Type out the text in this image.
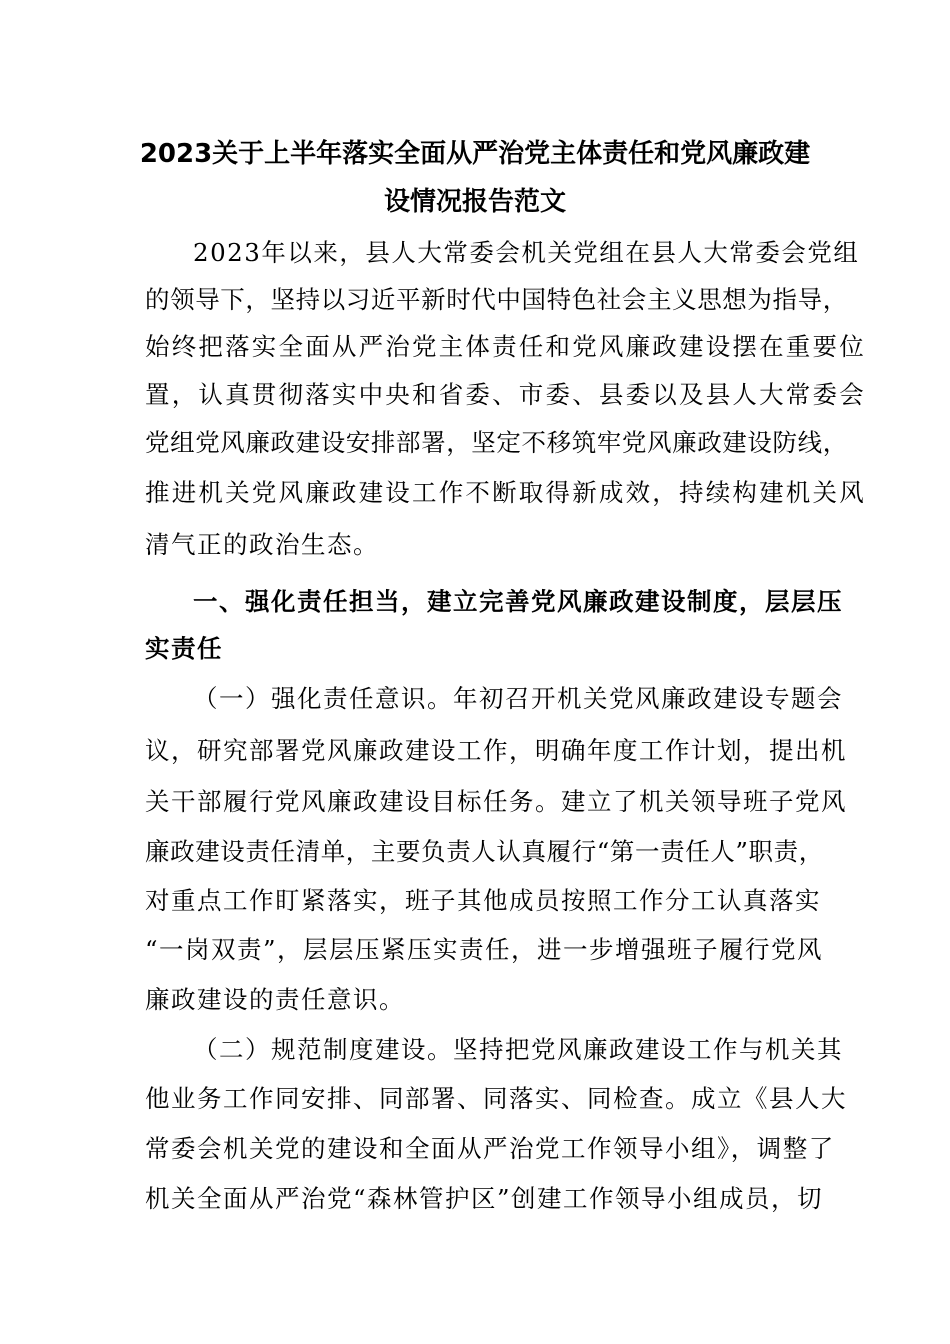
2023关于上半年落实全面从严治党主体责任和党风廉政建
设情况报告范文
2023年以来，县人大常委会机关党组在县人大常委会党组
的领导下，坚持以习近平新时代中国特色社会主义思想为指导，
始终把落实全面从严治党主体责任和党风廉政建设摆在重要位
置，认真贯彻落实中央和省委、市委、县委以及县人大常委会
党组党风廉政建设安排部署，坚定不移筑牢党风廉政建设防线，
推进机关党风廉政建设工作不断取得新成效，持续构建机关风
清气正的政治生态。
一、强化责任担当，建立完善党风廉政建设制度，层层压
实责任
（一）强化责任意识。年初召开机关党风廉政建设专题会
议，研究部署党风廉政建设工作，明确年度工作计划，提出机
关干部履行党风廉政建设目标任务。建立了机关领导班子党风
廉政建设责任清单，主要负责人认真履行“第一责任人”职责，
对重点工作盯紧落实，班子其他成员按照工作分工认真落实
“一岗双责”，层层压紧压实责任，进一步增强班子履行党风
廉政建设的责任意识。
（二）规范制度建设。坚持把党风廉政建设工作与机关其
他业务工作同安排、同部署、同落实、同检查。成立《县人大
常委会机关党的建设和全面从严治党工作领导小组》，调整了
机关全面从严治党“森林管护区”创建工作领导小组成员，切
